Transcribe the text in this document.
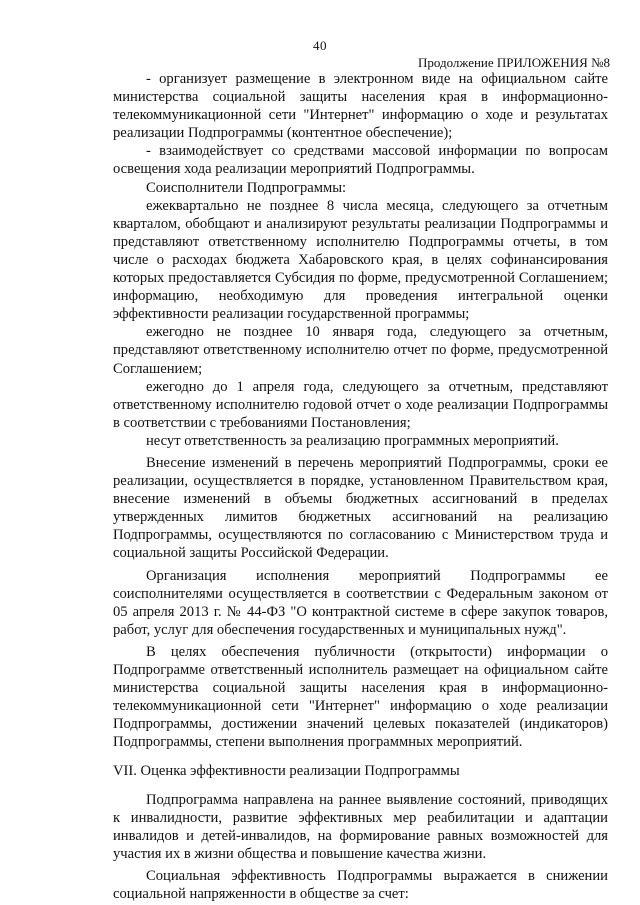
40
Продолжение ПРИЛОЖЕНИЯ №8

- организует размещение в электронном виде на официальном сайте министерства социальной защиты населения края в информационно-телекоммуникационной сети "Интернет" информацию о ходе и результатах реализации Подпрограммы (контентное обеспечение);

- взаимодействует со средствами массовой информации по вопросам освещения хода реализации мероприятий Подпрограммы.

Соисполнители Подпрограммы:

ежеквартально не позднее 8 числа месяца, следующего за отчетным кварталом, обобщают и анализируют результаты реализации Подпрограммы и представляют ответственному исполнителю Подпрограммы отчеты, в том числе о расходах бюджета Хабаровского края, в целях софинансирования которых предоставляется Субсидия по форме, предусмотренной Соглашением; информацию, необходимую для проведения интегральной оценки эффективности реализации государственной программы;

ежегодно не позднее 10 января года, следующего за отчетным, представляют ответственному исполнителю отчет по форме, предусмотренной Соглашением;

ежегодно до 1 апреля года, следующего за отчетным, представляют ответственному исполнителю годовой отчет о ходе реализации Подпрограммы в соответствии с требованиями Постановления;

несут ответственность за реализацию программных мероприятий.

Внесение изменений в перечень мероприятий Подпрограммы, сроки ее реализации, осуществляется в порядке, установленном Правительством края, внесение изменений в объемы бюджетных ассигнований в пределах утвержденных лимитов бюджетных ассигнований на реализацию Подпрограммы, осуществляются по согласованию с Министерством труда и социальной защиты Российской Федерации.

Организация исполнения мероприятий Подпрограммы ее соисполнителями осуществляется в соответствии с Федеральным законом от 05 апреля 2013 г. № 44-ФЗ "О контрактной системе в сфере закупок товаров, работ, услуг для обеспечения государственных и муниципальных нужд".

В целях обеспечения публичности (открытости) информации о Подпрограмме ответственный исполнитель размещает на официальном сайте министерства социальной защиты населения края в информационно-телекоммуникационной сети "Интернет" информацию о ходе реализации Подпрограммы, достижении значений целевых показателей (индикаторов) Подпрограммы, степени выполнения программных мероприятий.

VII. Оценка эффективности реализации Подпрограммы

Подпрограмма направлена на раннее выявление состояний, приводящих к инвалидности, развитие эффективных мер реабилитации и адаптации инвалидов и детей-инвалидов, на формирование равных возможностей для участия их в жизни общества и повышение качества жизни.

Социальная эффективность Подпрограммы выражается в снижении социальной напряженности в обществе за счет:
